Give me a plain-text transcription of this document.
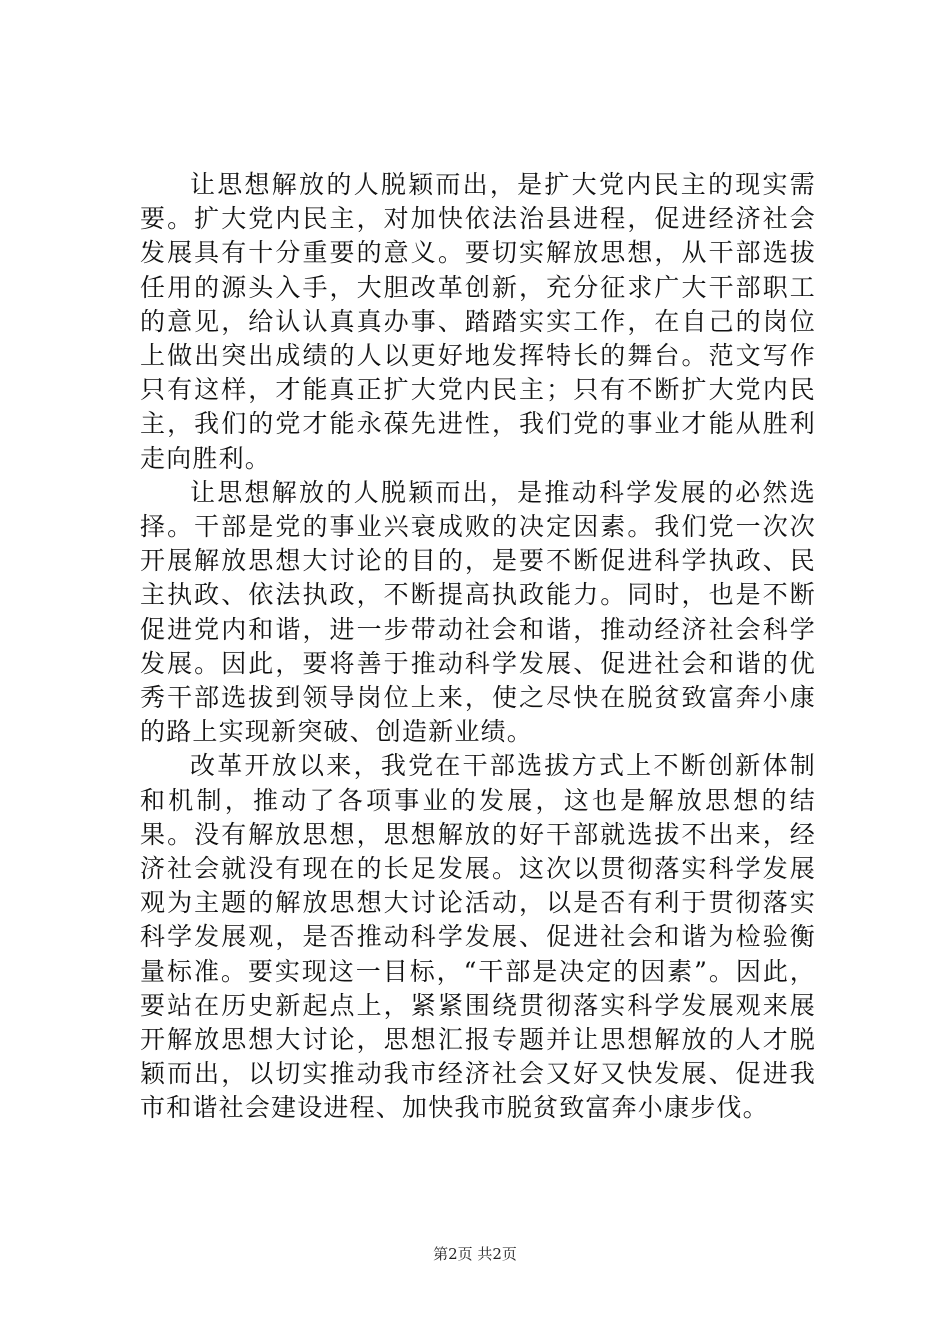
让思想解放的人脱颖而出，是扩大党内民主的现实需要。扩大党内民主，对加快依法治县进程，促进经济社会发展具有十分重要的意义。要切实解放思想，从干部选拔任用的源头入手，大胆改革创新，充分征求广大干部职工的意见，给认认真真办事、踏踏实实工作，在自己的岗位上做出突出成绩的人以更好地发挥特长的舞台。范文写作只有这样，才能真正扩大党内民主；只有不断扩大党内民主，我们的党才能永葆先进性，我们党的事业才能从胜利走向胜利。

让思想解放的人脱颖而出，是推动科学发展的必然选择。干部是党的事业兴衰成败的决定因素。我们党一次次开展解放思想大讨论的目的，是要不断促进科学执政、民主执政、依法执政，不断提高执政能力。同时，也是不断促进党内和谐，进一步带动社会和谐，推动经济社会科学发展。因此，要将善于推动科学发展、促进社会和谐的优秀干部选拔到领导岗位上来，使之尽快在脱贫致富奔小康的路上实现新突破、创造新业绩。

改革开放以来，我党在干部选拔方式上不断创新体制和机制，推动了各项事业的发展，这也是解放思想的结果。没有解放思想，思想解放的好干部就选拔不出来，经济社会就没有现在的长足发展。这次以贯彻落实科学发展观为主题的解放思想大讨论活动，以是否有利于贯彻落实科学发展观，是否推动科学发展、促进社会和谐为检验衡量标准。要实现这一目标，“干部是决定的因素”。因此，要站在历史新起点上，紧紧围绕贯彻落实科学发展观来展开解放思想大讨论，思想汇报专题并让思想解放的人才脱颖而出，以切实推动我市经济社会又好又快发展、促进我市和谐社会建设进程、加快我市脱贫致富奔小康步伐。

第2页 共2页
